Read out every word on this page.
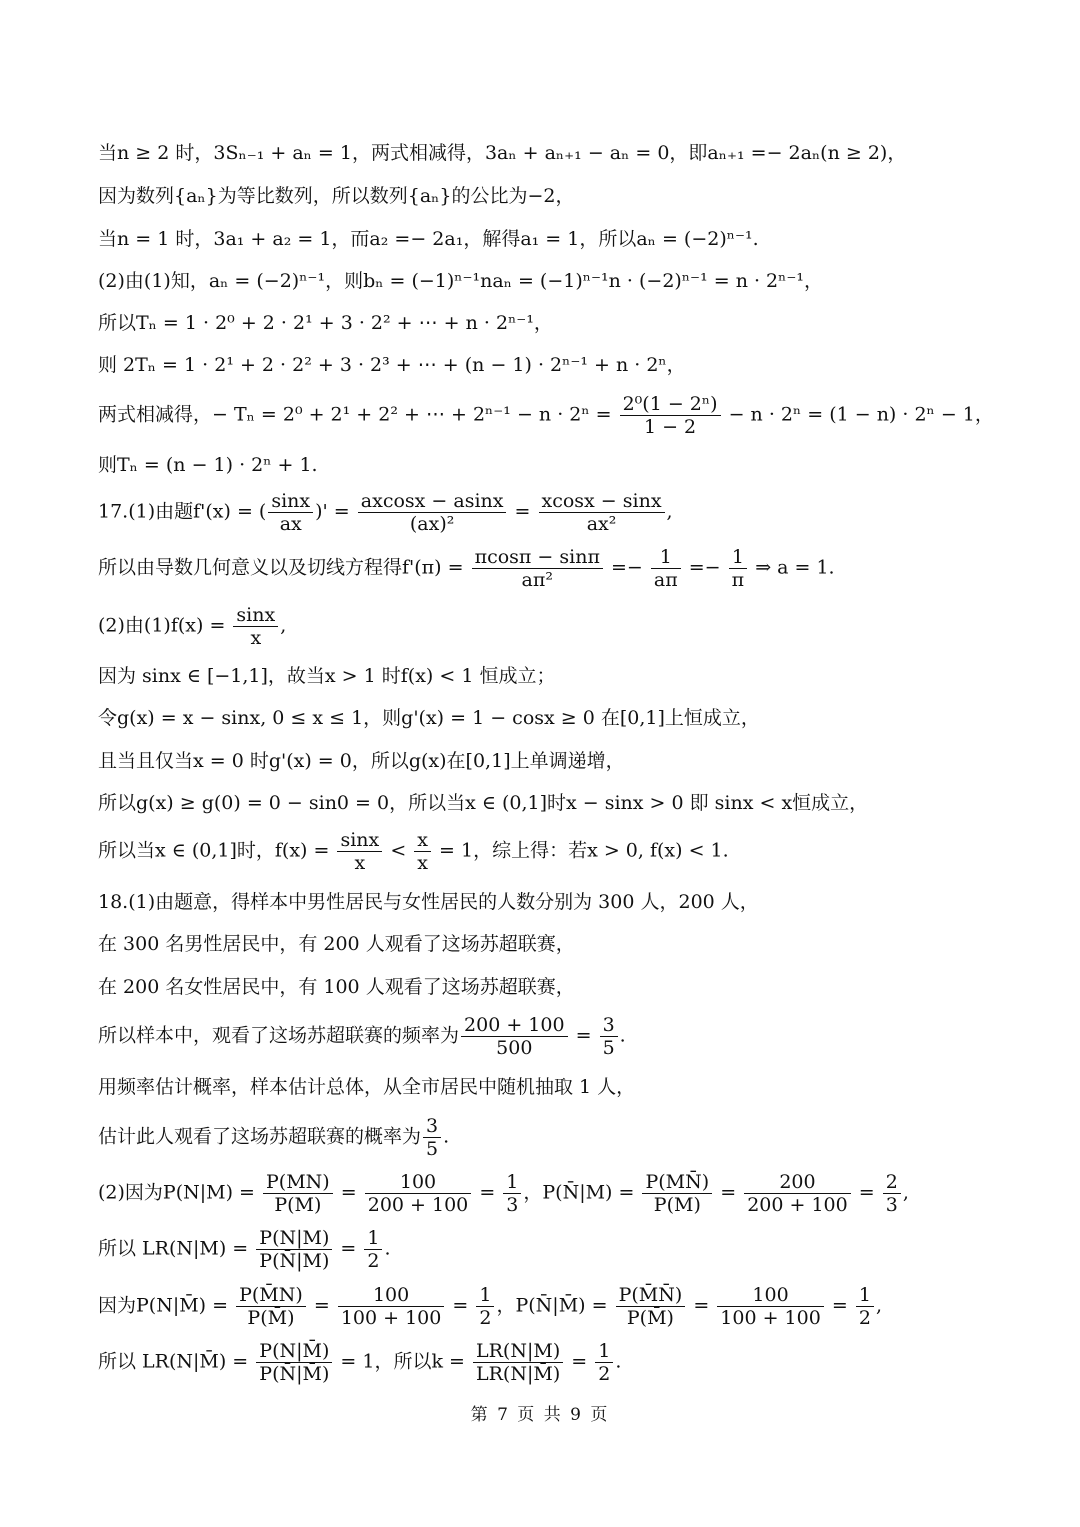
当n ≥ 2 时，3Sₙ₋₁ + aₙ = 1，两式相减得，3aₙ + aₙ₊₁ − aₙ = 0，即aₙ₊₁ =− 2aₙ(n ≥ 2)，
因为数列{aₙ}为等比数列，所以数列{aₙ}的公比为−2，
当n = 1 时，3a₁ + a₂ = 1，而a₂ =− 2a₁，解得a₁ = 1，所以aₙ = (−2)ⁿ⁻¹.
(2)由(1)知，aₙ = (−2)ⁿ⁻¹，则bₙ = (−1)ⁿ⁻¹naₙ = (−1)ⁿ⁻¹n · (−2)ⁿ⁻¹ = n · 2ⁿ⁻¹，
所以Tₙ = 1 · 2⁰ + 2 · 2¹ + 3 · 2² + ⋯ + n · 2ⁿ⁻¹，
则 2Tₙ = 1 · 2¹ + 2 · 2² + 3 · 2³ + ⋯ + (n − 1) · 2ⁿ⁻¹ + n · 2ⁿ，
两式相减得，− Tₙ = 2⁰ + 2¹ + 2² + ⋯ + $2^{n-1} - n \cdot 2^n = \frac{\text{2⁰(1 − 2ⁿ)}}{1 - 2} - n \cdot 2^n = (1 - n) \cdot 2^n - 1$，
则Tₙ = (n − 1) · 2ⁿ + 1.
17.(1)由题f'(x) = ( $\frac{\sin x}{ax}$ )' = $\frac{axcosx - asinx}{\text{(ax)²}} = \frac{xcosx - \sin x}{\text{ax²}}$ ,
所以由导数几何意义以及切线方程得$f'(\pi) = \frac{\pi\cos\pi - \sin\pi}{\text{aπ²}} =- \frac{1}{a\pi} =- \frac{1}{\pi}$ ⇒ a = 1.
(2)由$(1)f(x) = \frac{\sin x}{x}$ ,
因为 sinx ∈ [−1,1]，故当x > 1 时f(x) < 1 恒成立；
令g(x) = x − sinx, 0 ≤ x ≤ 1，则g'(x) = 1 − cosx ≥ 0 在[0,1]上恒成立，
且当且仅当x = 0 时g'(x) = 0，所以g(x)在[0,1]上单调递增，
所以g(x) ≥ g(0) = 0 − sin0 = 0，所以当x ∈ (0,1]时x − sinx > 0 即 sinx < x恒成立，
所以当x ∈ (0,1]时，$f(x) = \frac{\sin x}{x} < \frac{x}{x} = 1$，综上得：若x > 0, f(x) < 1.
18.(1)由题意，得样本中男性居民与女性居民的人数分别为 300 人，200 人，
在 300 名男性居民中，有 200 人观看了这场苏超联赛，
在 200 名女性居民中，有 100 人观看了这场苏超联赛，
所以样本中，观看了这场苏超联赛的频率为 $\frac{200 + 100}{500} = \frac{3}{5}$ .
用频率估计概率，样本估计总体，从全市居民中随机抽取 1 人，
估计此人观看了这场苏超联赛的概率为 $\frac{3}{5}$ .
(2)因为$P(N|M) = \frac{P(MN)}{P(M)} = \frac{100}{200 + 100} = \frac{1}{3}$ ，P(N̄|M) = $\frac{P(MN̄)}{P(M)} = \frac{200}{200 + 100} = \frac{2}{3}$ ,
所以 $LR(N|M) = \frac{P(N|M)}{P(N̄|M)} = \frac{1}{2}$ .
因为P(N|M̄) = $\frac{P(M̄N)}{P(M̄)} = \frac{100}{100 + 100} = \frac{1}{2}$ ，P(N̄|M̄) = $\frac{P(M̄N̄)}{P(M̄)} = \frac{100}{100 + 100} = \frac{1}{2}$ ,
所以 LR(N|M̄) = $\frac{P(N|M̄)}{P(N̄|M̄)} = 1$，所以$k = \frac{LR(N|M)}{LR(N|M̄)} = \frac{1}{2}$ .
第 7 页 共 9 页
